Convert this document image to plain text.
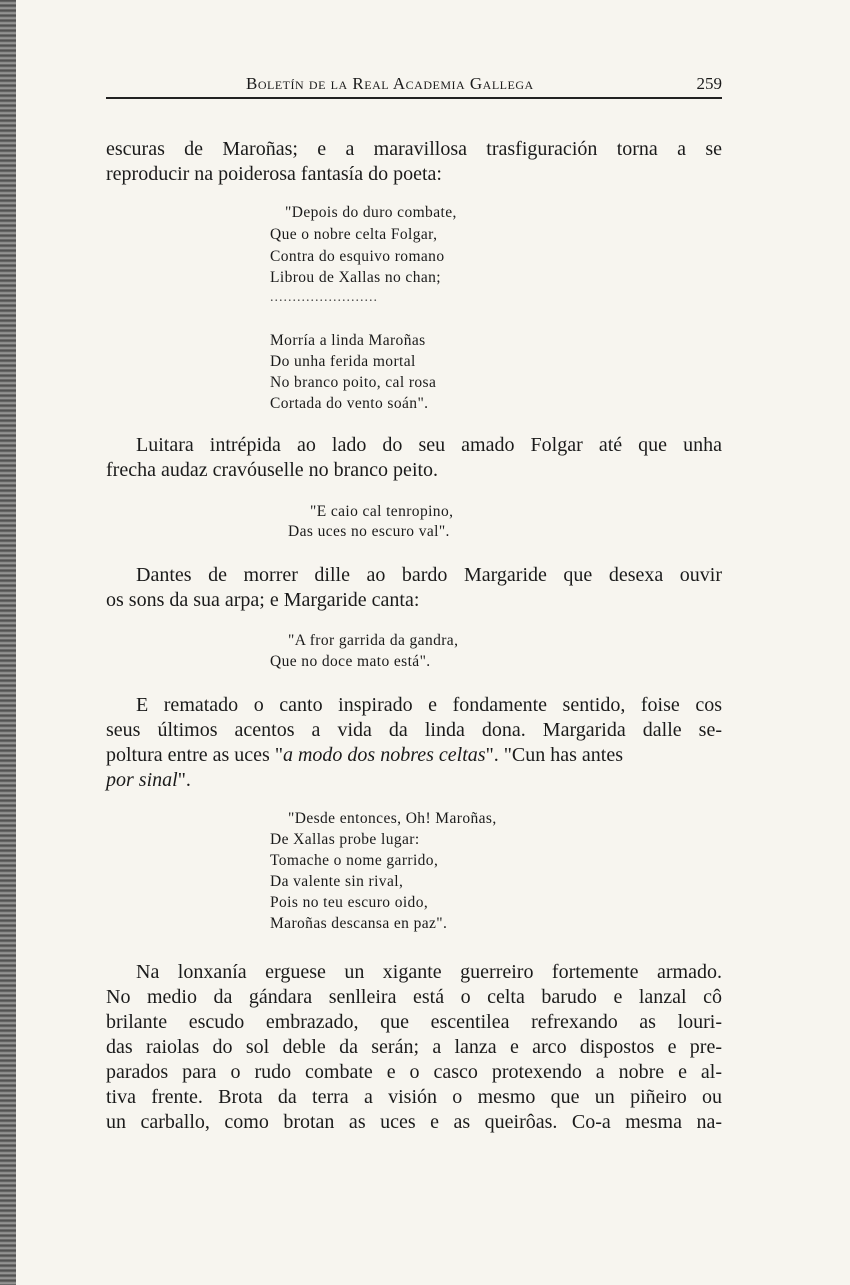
Boletín de la Real Academia Gallega	259
escuras de Maroñas; e a maravillosa trasfiguración torna a se
reproducir na poiderosa fantasía do poeta:
"Depois do duro combate,
Que o nobre celta Folgar,
Contra do esquivo romano
Librou de Xallas no chan;
........................
Morría a linda Maroñas
Do unha ferida mortal
No branco poito, cal rosa
Cortada do vento soán".
Luitara intrépida ao lado do seu amado Folgar até que unha
frecha audaz cravóuselle no branco peito.
"E caio cal tenropino,
Das uces no escuro val".
Dantes de morrer dille ao bardo Margaride que desexa ouvir
os sons da sua arpa; e Margaride canta:
"A fror garrida da gandra,
Que no doce mato está".
E rematado o canto inspirado e fondamente sentido, foise cos
seus últimos acentos a vida da linda dona. Margarida dalle se-
poltura entre as uces "a modo dos nobres celtas". "Cun has antes
por sinal".
"Desde entonces, Oh! Maroñas,
De Xallas probe lugar:
Tomache o nome garrido,
Da valente sin rival,
Pois no teu escuro oido,
Maroñas descansa en paz".
Na lonxanía erguese un xigante guerreiro fortemente armado.
No medio da gándara senlleira está o celta barudo e lanzal cô
brilante escudo embrazado, que escentilea refrexando as louri-
das raiolas do sol deble da serán; a lanza e arco dispostos e pre-
parados para o rudo combate e o casco protexendo a nobre e al-
tiva frente. Brota da terra a visión o mesmo que un piñeiro ou
un carballo, como brotan as uces e as queirôas. Co-a mesma na-
